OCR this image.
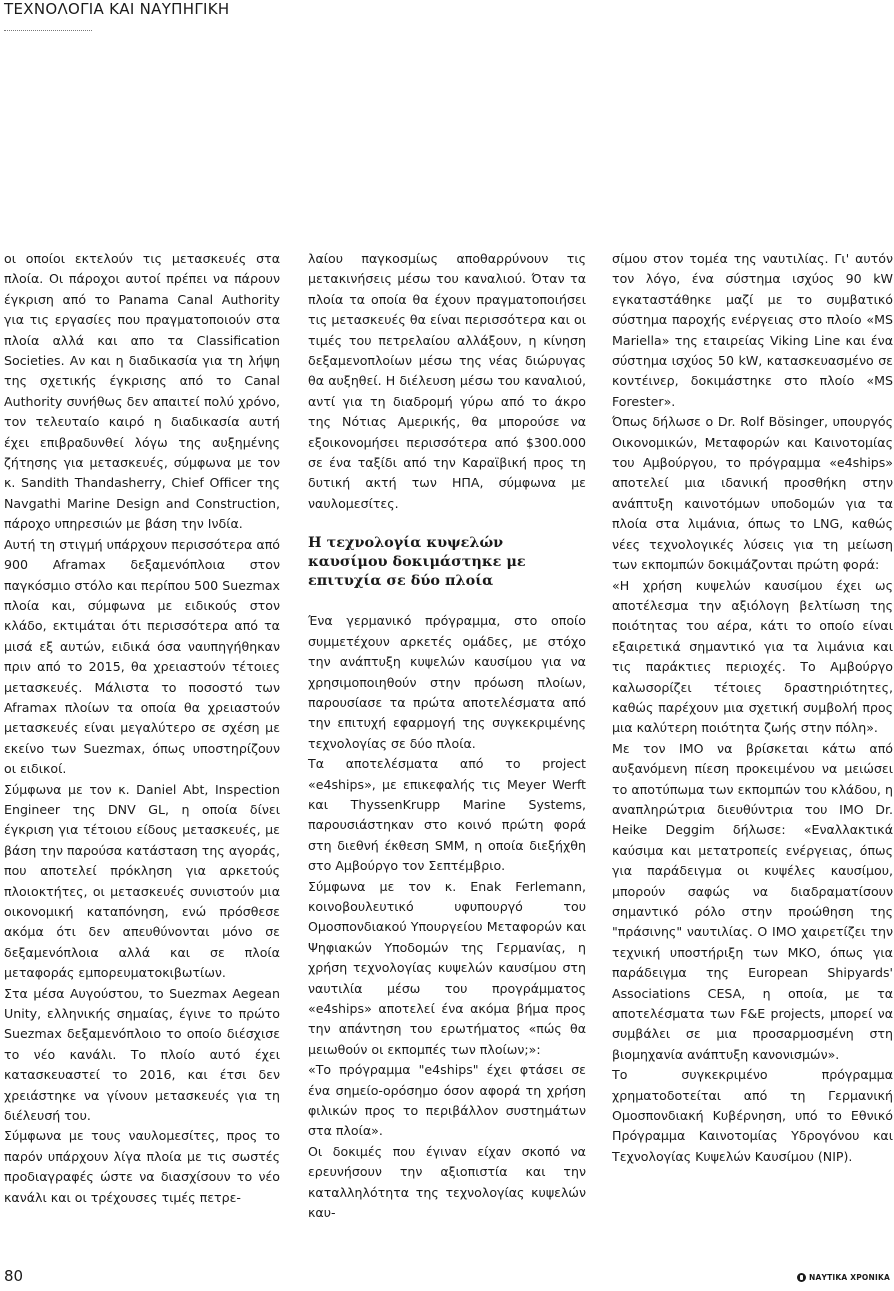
ΤΕΧΝΟΛΟΓΙΑ ΚΑΙ ΝΑΥΠΗΓΙΚΗ

οι οποίοι εκτελούν τις μετασκευές στα πλοία. Οι πάροχοι αυτοί πρέπει να πάρουν έγκριση από το Panama Canal Authority για τις εργασίες που πραγματοποιούν στα πλοία αλλά και απο τα Classification Societies. Αν και η διαδικασία για τη λήψη της σχετικής έγκρισης από το Canal Authority συνήθως δεν απαιτεί πολύ χρόνο, τον τελευταίο καιρό η διαδικασία αυτή έχει επιβραδυνθεί λόγω της αυξημένης ζήτησης για μετασκευές, σύμφωνα με τον κ. Sandith Thandasherry, Chief Officer της Navgathi Marine Design and Construction, πάροχο υπηρεσιών με βάση την Ινδία.

Αυτή τη στιγμή υπάρχουν περισσότερα από 900 Aframax δεξαμενόπλοια στον παγκόσμιο στόλο και περίπου 500 Suezmax πλοία και, σύμφωνα με ειδικούς στον κλάδο, εκτιμάται ότι περισσότερα από τα μισά εξ αυτών, ειδικά όσα ναυπηγήθηκαν πριν από το 2015, θα χρειαστούν τέτοιες μετασκευές. Μάλιστα το ποσοστό των Aframax πλοίων τα οποία θα χρειαστούν μετασκευές είναι μεγαλύτερο σε σχέση με εκείνο των Suezmax, όπως υποστηρίζουν οι ειδικοί.

Σύμφωνα με τον κ. Daniel Abt, Inspection Engineer της DNV GL, η οποία δίνει έγκριση για τέτοιου είδους μετασκευές, με βάση την παρούσα κατάσταση της αγοράς, που αποτελεί πρόκληση για αρκετούς πλοιοκτήτες, οι μετασκευές συνιστούν μια οικονομική καταπόνηση, ενώ πρόσθεσε ακόμα ότι δεν απευθύνονται μόνο σε δεξαμενόπλοια αλλά και σε πλοία μεταφοράς εμπορευματοκιβωτίων.

Στα μέσα Αυγούστου, το Suezmax Aegean Unity, ελληνικής σημαίας, έγινε το πρώτο Suezmax δεξαμενόπλοιο το οποίο διέσχισε το νέο κανάλι. Το πλοίο αυτό έχει κατασκευαστεί το 2016, και έτσι δεν χρειάστηκε να γίνουν μετασκευές για τη διέλευσή του.

Σύμφωνα με τους ναυλομεσίτες, προς το παρόν υπάρχουν λίγα πλοία με τις σωστές προδιαγραφές ώστε να διασχίσουν το νέο κανάλι και οι τρέχουσες τιμές πετρε-

λαίου παγκοσμίως αποθαρρύνουν τις μετακινήσεις μέσω του καναλιού. Όταν τα πλοία τα οποία θα έχουν πραγματοποιήσει τις μετασκευές θα είναι περισσότερα και οι τιμές του πετρελαίου αλλάξουν, η κίνηση δεξαμενοπλοίων μέσω της νέας διώρυγας θα αυξηθεί. Η διέλευση μέσω του καναλιού, αντί για τη διαδρομή γύρω από το άκρο της Νότιας Αμερικής, θα μπορούσε να εξοικονομήσει περισσότερα από $300.000 σε ένα ταξίδι από την Καραϊβική προς τη δυτική ακτή των ΗΠΑ, σύμφωνα με ναυλομεσίτες.

Η τεχνολογία κυψελών καυσίμου δοκιμάστηκε με επιτυχία σε δύο πλοία

Ένα γερμανικό πρόγραμμα, στο οποίο συμμετέχουν αρκετές ομάδες, με στόχο την ανάπτυξη κυψελών καυσίμου για να χρησιμοποιηθούν στην πρόωση πλοίων, παρουσίασε τα πρώτα αποτελέσματα από την επιτυχή εφαρμογή της συγκεκριμένης τεχνολογίας σε δύο πλοία.

Τα αποτελέσματα από το project «e4ships», με επικεφαλής τις Meyer Werft και ThyssenKrupp Marine Systems, παρουσιάστηκαν στο κοινό πρώτη φορά στη διεθνή έκθεση SMM, η οποία διεξήχθη στο Αμβούργο τον Σεπτέμβριο.

Σύμφωνα με τον κ. Enak Ferlemann, κοινοβουλευτικό υφυπουργό του Ομοσπονδιακού Υπουργείου Μεταφορών και Ψηφιακών Υποδομών της Γερμανίας, η χρήση τεχνολογίας κυψελών καυσίμου στη ναυτιλία μέσω του προγράμματος «e4ships» αποτελεί ένα ακόμα βήμα προς την απάντηση του ερωτήματος «πώς θα μειωθούν οι εκπομπές των πλοίων;»:

«Το πρόγραμμα "e4ships" έχει φτάσει σε ένα σημείο-ορόσημο όσον αφορά τη χρήση φιλικών προς το περιβάλλον συστημάτων στα πλοία».

Οι δοκιμές που έγιναν είχαν σκοπό να ερευνήσουν την αξιοπιστία και την καταλληλότητα της τεχνολογίας κυψελών καυ-

σίμου στον τομέα της ναυτιλίας. Γι' αυτόν τον λόγο, ένα σύστημα ισχύος 90 kW εγκαταστάθηκε μαζί με το συμβατικό σύστημα παροχής ενέργειας στο πλοίο «MS Mariella» της εταιρείας Viking Line και ένα σύστημα ισχύος 50 kW, κατασκευασμένο σε κοντέινερ, δοκιμάστηκε στο πλοίο «MS Forester».

Όπως δήλωσε ο Dr. Rolf Bösinger, υπουργός Οικονομικών, Μεταφορών και Καινοτομίας του Αμβούργου, το πρόγραμμα «e4ships» αποτελεί μια ιδανική προσθήκη στην ανάπτυξη καινοτόμων υποδομών για τα πλοία στα λιμάνια, όπως το LNG, καθώς νέες τεχνολογικές λύσεις για τη μείωση των εκπομπών δοκιμάζονται πρώτη φορά:

«Η χρήση κυψελών καυσίμου έχει ως αποτέλεσμα την αξιόλογη βελτίωση της ποιότητας του αέρα, κάτι το οποίο είναι εξαιρετικά σημαντικό για τα λιμάνια και τις παράκτιες περιοχές. Το Αμβούργο καλωσορίζει τέτοιες δραστηριότητες, καθώς παρέχουν μια σχετική συμβολή προς μια καλύτερη ποιότητα ζωής στην πόλη».

Με τον IMO να βρίσκεται κάτω από αυξανόμενη πίεση προκειμένου να μειώσει το αποτύπωμα των εκπομπών του κλάδου, η αναπληρώτρια διευθύντρια του IMO Dr. Heike Deggim δήλωσε: «Εναλλακτικά καύσιμα και μετατροπείς ενέργειας, όπως για παράδειγμα οι κυψέλες καυσίμου, μπορούν σαφώς να διαδραματίσουν σημαντικό ρόλο στην προώθηση της "πράσινης" ναυτιλίας. Ο IMO χαιρετίζει την τεχνική υποστήριξη των ΜΚΟ, όπως για παράδειγμα της European Shipyards' Associations CESA, η οποία, με τα αποτελέσματα των F&E projects, μπορεί να συμβάλει σε μια προσαρμοσμένη στη βιομηχανία ανάπτυξη κανονισμών».

Το συγκεκριμένο πρόγραμμα χρηματοδοτείται από τη Γερμανική Ομοσπονδιακή Κυβέρνηση, υπό το Εθνικό Πρόγραμμα Καινοτομίας Υδρογόνου και Τεχνολογίας Κυψελών Καυσίμου (NIP).

80	ΝΑΥΤΙΚΑ ΧΡΟΝΙΚΑ
